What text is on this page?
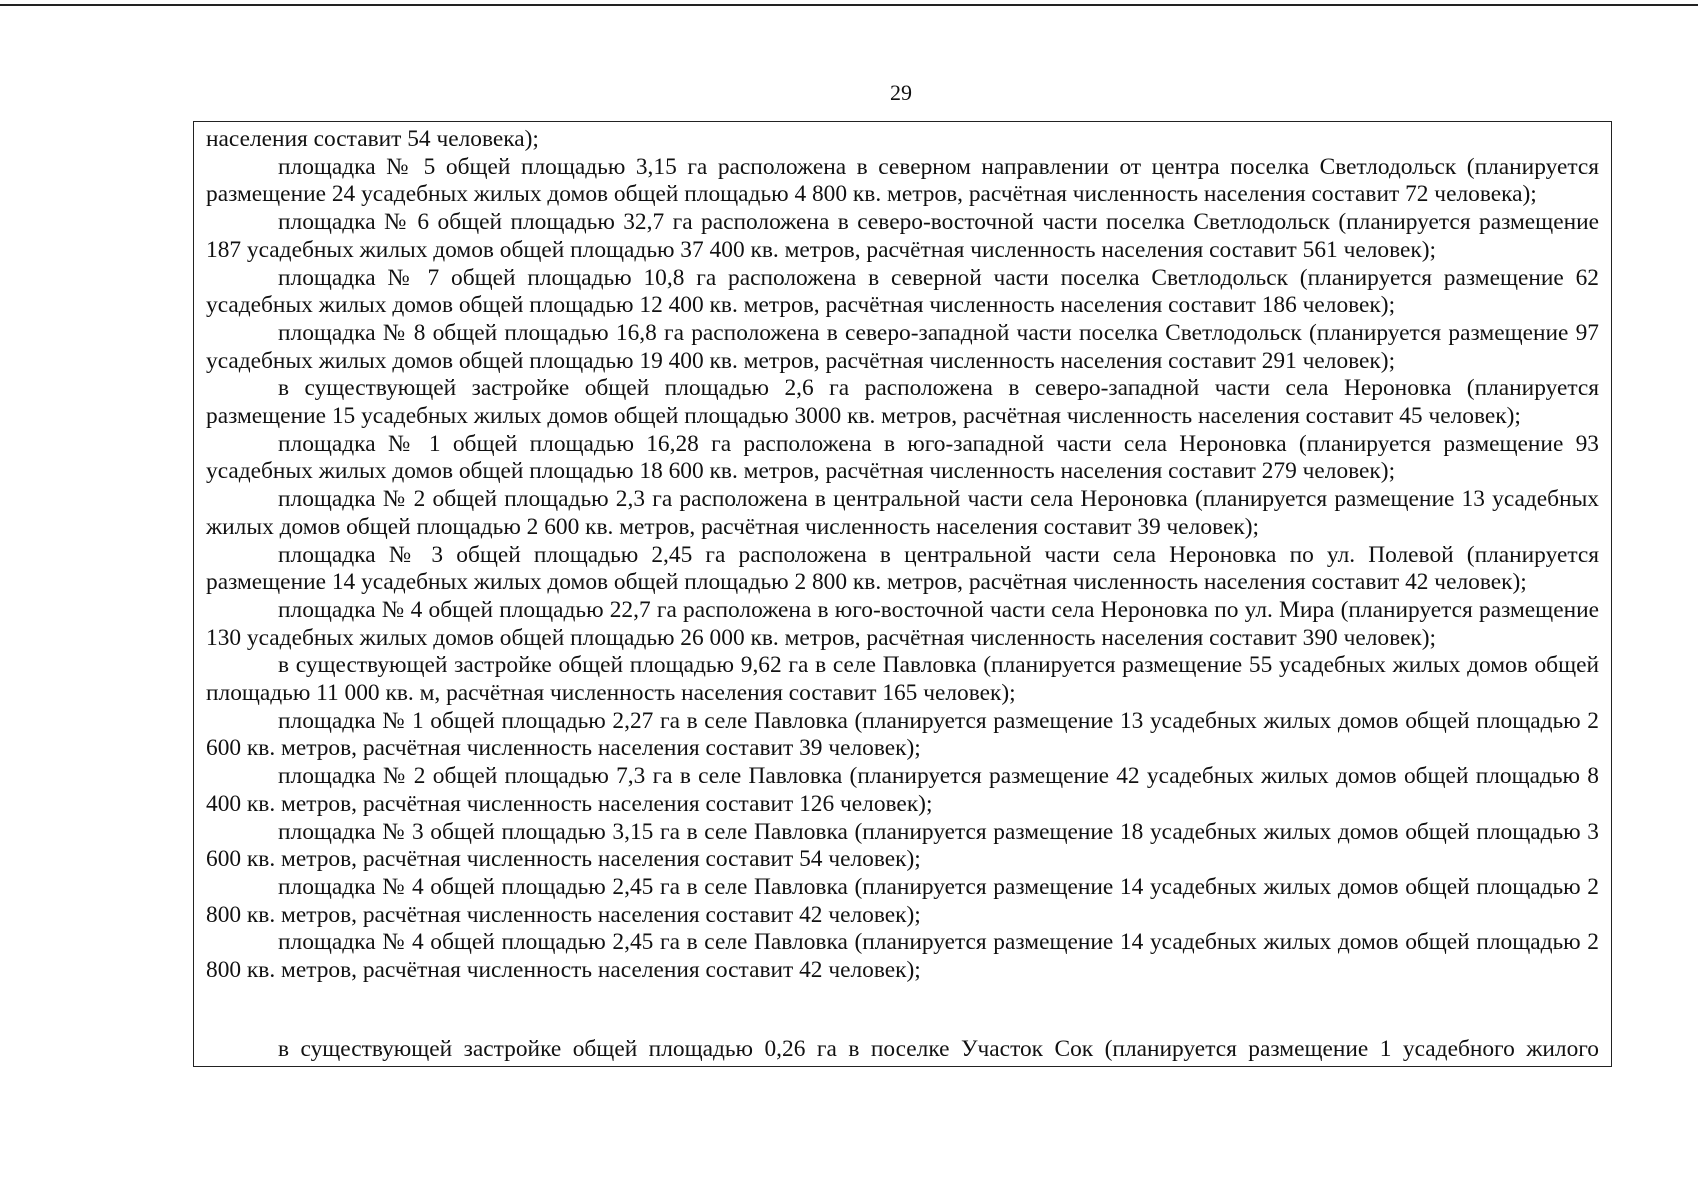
29

населения составит 54 человека);

площадка № 5 общей площадью 3,15 га расположена в северном направлении от центра поселка Светлодольск (планируется размещение 24 усадебных жилых домов общей площадью 4 800 кв. метров, расчётная численность населения составит 72 человека);

площадка № 6 общей площадью 32,7 га расположена в северо-восточной части поселка Светлодольск (планируется размещение 187 усадебных жилых домов общей площадью 37 400 кв. метров, расчётная численность населения составит 561 человек);

площадка № 7 общей площадью 10,8 га расположена в северной части поселка Светлодольск (планируется размещение 62 усадебных жилых домов общей площадью 12 400 кв. метров, расчётная численность населения составит 186 человек);

площадка № 8 общей площадью 16,8 га расположена в северо-западной части поселка Светлодольск (планируется размещение 97 усадебных жилых домов общей площадью 19 400 кв. метров, расчётная численность населения составит 291 человек);

в существующей застройке общей площадью 2,6 га расположена в северо-западной части села Нероновка (планируется размещение 15 усадебных жилых домов общей площадью 3000 кв. метров, расчётная численность населения составит 45 человек);

площадка № 1 общей площадью 16,28 га расположена в юго-западной части села Нероновка (планируется размещение 93 усадебных жилых домов общей площадью 18 600 кв. метров, расчётная численность населения составит 279 человек);

площадка № 2 общей площадью 2,3 га расположена в центральной части села Нероновка (планируется размещение 13 усадебных жилых домов общей площадью 2 600 кв. метров, расчётная численность населения составит 39 человек);

площадка № 3 общей площадью 2,45 га расположена в центральной части села Нероновка по ул. Полевой (планируется размещение 14 усадебных жилых домов общей площадью 2 800 кв. метров, расчётная численность населения составит 42 человек);

площадка № 4 общей площадью 22,7 га расположена в юго-восточной части села Нероновка по ул. Мира (планируется размещение 130 усадебных жилых домов общей площадью 26 000 кв. метров, расчётная численность населения составит 390 человек);

в существующей застройке общей площадью 9,62 га в селе Павловка (планируется размещение 55 усадебных жилых домов общей площадью 11 000 кв. м, расчётная численность населения составит 165 человек);

площадка № 1 общей площадью 2,27 га в селе Павловка (планируется размещение 13 усадебных жилых домов общей площадью 2 600 кв. метров, расчётная численность населения составит 39 человек);

площадка № 2 общей площадью 7,3 га в селе Павловка (планируется размещение 42 усадебных жилых домов общей площадью 8 400 кв. метров, расчётная численность населения составит 126 человек);

площадка № 3 общей площадью 3,15 га в селе Павловка (планируется размещение 18 усадебных жилых домов общей площадью 3 600 кв. метров, расчётная численность населения составит 54 человек);

площадка № 4 общей площадью 2,45 га в селе Павловка (планируется размещение 14 усадебных жилых домов общей площадью 2 800 кв. метров, расчётная численность населения составит 42 человек);

площадка № 4 общей площадью 2,45 га в селе Павловка (планируется размещение 14 усадебных жилых домов общей площадью 2 800 кв. метров, расчётная численность населения составит 42 человек);

в существующей застройке общей площадью 0,26 га в поселке Участок Сок (планируется размещение 1 усадебного жилого
